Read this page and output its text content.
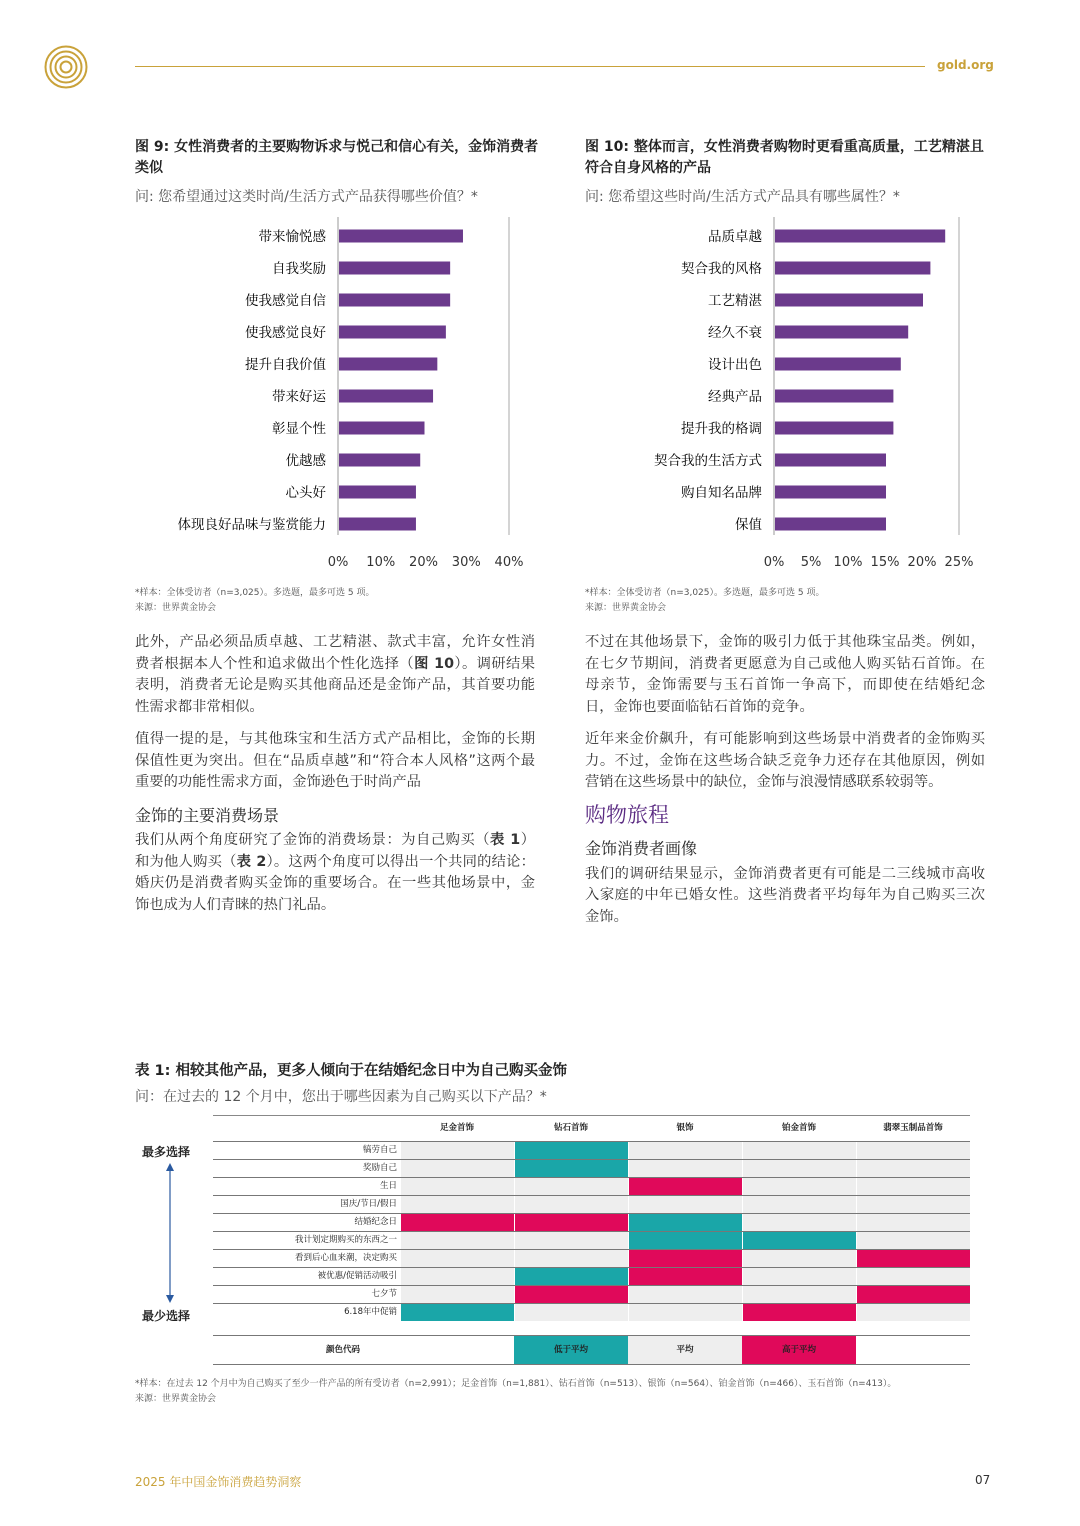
gold.org
图 9: 女性消费者的主要购物诉求与悦己和信心有关，金饰消费者类似
问: 您希望通过这类时尚/生活方式产品获得哪些价值？*
带来愉悦感
自我奖励
使我感觉自信
使我感觉良好
提升自我价值
带来好运
彰显个性
优越感
心头好
体现良好品味与鉴赏能力
0% 10% 20% 30% 40%
*样本：全体受访者（n=3,025）。多选题，最多可选 5 项。
来源：世界黄金协会
图 10: 整体而言，女性消费者购物时更看重高质量，工艺精湛且符合自身风格的产品
问: 您希望这些时尚/生活方式产品具有哪些属性？*
品质卓越
契合我的风格
工艺精湛
经久不衰
设计出色
经典产品
提升我的格调
契合我的生活方式
购自知名品牌
保值
0% 5% 10% 15% 20% 25%
*样本：全体受访者（n=3,025）。多选题，最多可选 5 项。
来源：世界黄金协会

此外，产品必须品质卓越、工艺精湛、款式丰富，允许女性消费者根据本人个性和追求做出个性化选择（图 10）。调研结果表明，消费者无论是购买其他商品还是金饰产品，其首要功能性需求都非常相似。

值得一提的是，与其他珠宝和生活方式产品相比，金饰的长期保值性更为突出。但在“品质卓越”和“符合本人风格”这两个最重要的功能性需求方面，金饰逊色于时尚产品

金饰的主要消费场景

我们从两个角度研究了金饰的消费场景：为自己购买（表 1）和为他人购买（表 2）。这两个角度可以得出一个共同的结论：婚庆仍是消费者购买金饰的重要场合。在一些其他场景中，金饰也成为人们青睐的热门礼品。

不过在其他场景下，金饰的吸引力低于其他珠宝品类。例如，在七夕节期间，消费者更愿意为自己或他人购买钻石首饰。在母亲节，金饰需要与玉石首饰一争高下，而即使在结婚纪念日，金饰也要面临钻石首饰的竞争。

近年来金价飙升，有可能影响到这些场景中消费者的金饰购买力。不过，金饰在这些场合缺乏竞争力还存在其他原因，例如营销在这些场景中的缺位，金饰与浪漫情感联系较弱等。

购物旅程
金饰消费者画像

我们的调研结果显示，金饰消费者更有可能是二三线城市高收入家庭的中年已婚女性。这些消费者平均每年为自己购买三次金饰。

表 1: 相较其他产品，更多人倾向于在结婚纪念日中为自己购买金饰
问：在过去的 12 个月中，您出于哪些因素为自己购买以下产品？*
最多选择
最少选择
足金首饰	钻石首饰	银饰	铂金首饰	翡翠玉制品首饰
犒劳自己
奖励自己
生日
国庆/节日/假日
结婚纪念日
我计划定期购买的东西之一
看到后心血来潮，决定购买
被优惠/促销活动吸引
七夕节
6.18年中促销
颜色代码	低于平均	平均	高于平均
*样本：在过去 12 个月中为自己购买了至少一件产品的所有受访者（n=2,991）；足金首饰（n=1,881）、钻石首饰（n=513）、银饰（n=564）、铂金首饰（n=466）、玉石首饰（n=413）。
来源：世界黄金协会
2025 年中国金饰消费趋势洞察	07
